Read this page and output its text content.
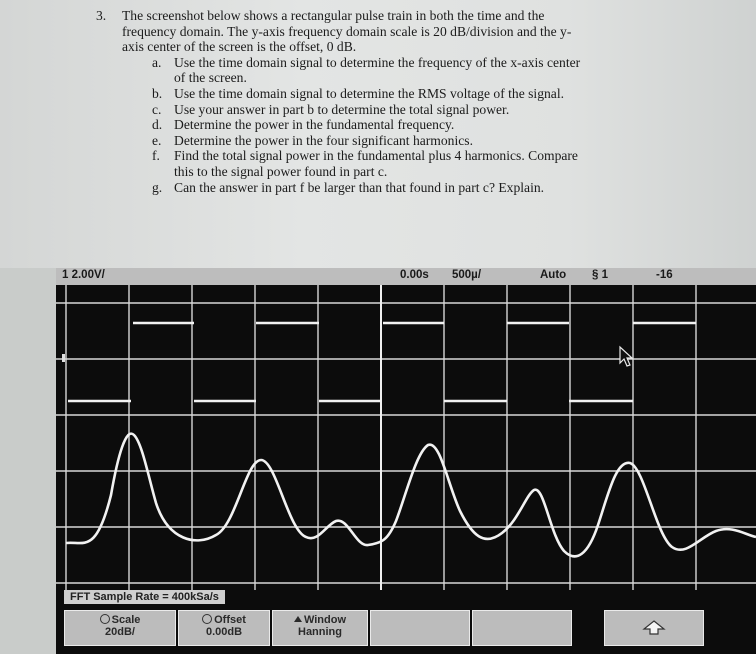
3. The screenshot below shows a rectangular pulse train in both the time and the
frequency domain. The y-axis frequency domain scale is 20 dB/division and the y-
axis center of the screen is the offset, 0 dB.
a. Use the time domain signal to determine the frequency of the x-axis center
of the screen.
b. Use the time domain signal to determine the RMS voltage of the signal.
c. Use your answer in part b to determine the total signal power.
d. Determine the power in the fundamental frequency.
e. Determine the power in the four significant harmonics.
f. Find the total signal power in the fundamental plus 4 harmonics. Compare
this to the signal power found in part c.
g. Can the answer in part f be larger than that found in part c? Explain.
1 2.00V/	0.00s 500µ/	Auto § 1	-16
FFT Sample Rate = 400kSa/s
Scale
20dB/
Offset
0.00dB
Window
Hanning
